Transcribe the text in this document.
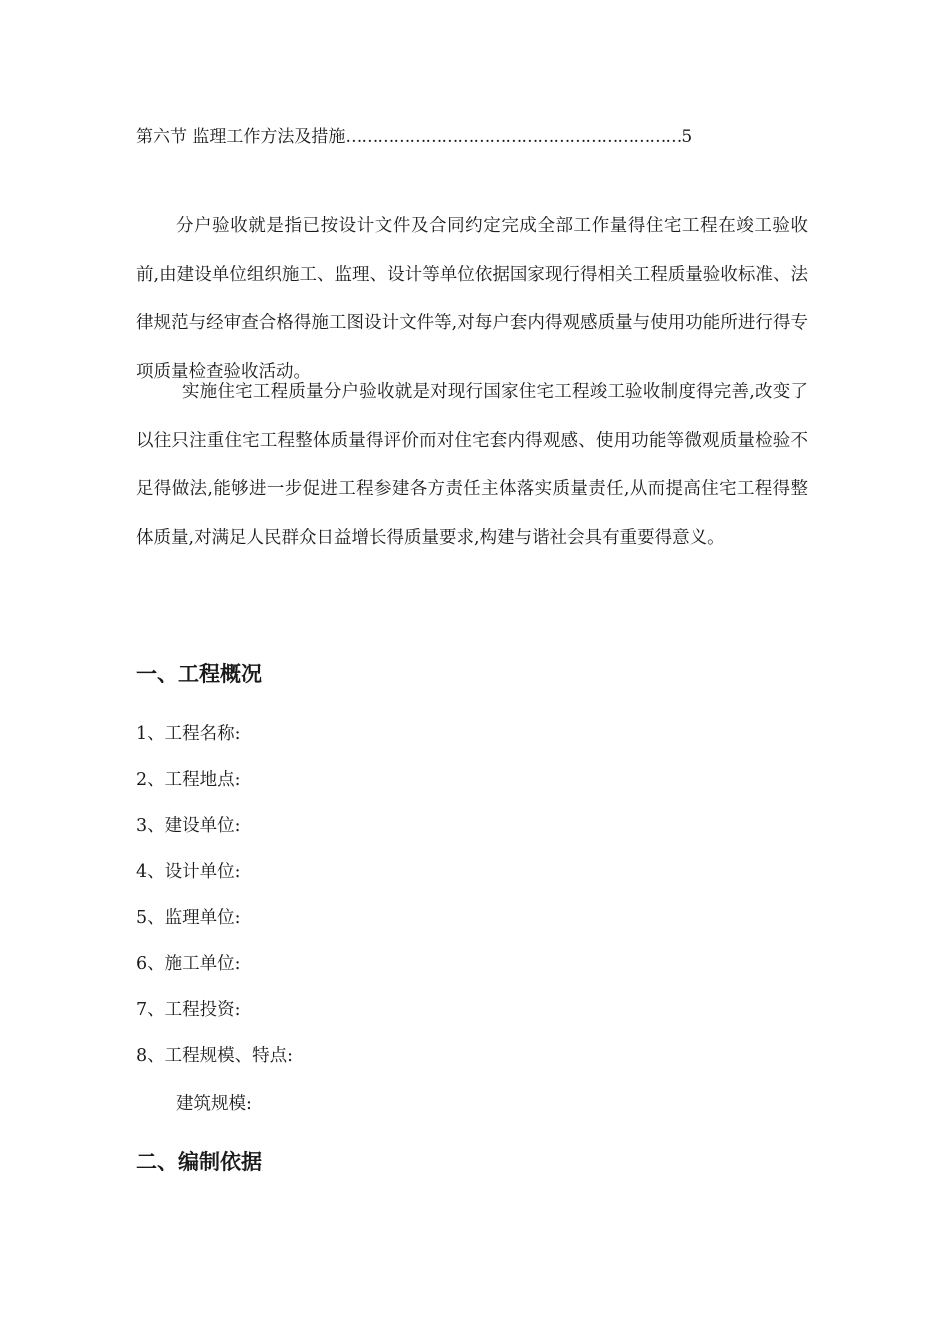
第六节 监理工作方法及措施………………………………………………………5

分户验收就是指已按设计文件及合同约定完成全部工作量得住宅工程在竣工验收前,由建设单位组织施工、监理、设计等单位依据国家现行得相关工程质量验收标准、法律规范与经审查合格得施工图设计文件等,对每户套内得观感质量与使用功能所进行得专项质量检查验收活动。

实施住宅工程质量分户验收就是对现行国家住宅工程竣工验收制度得完善,改变了以往只注重住宅工程整体质量得评价而对住宅套内得观感、使用功能等微观质量检验不足得做法,能够进一步促进工程参建各方责任主体落实质量责任,从而提高住宅工程得整体质量,对满足人民群众日益增长得质量要求,构建与谐社会具有重要得意义。

一、工程概况
1、工程名称:
2、工程地点:
3、建设单位:
4、设计单位:
5、监理单位:
6、施工单位:
7、工程投资:
8、工程规模、特点:
建筑规模:
二、编制依据
